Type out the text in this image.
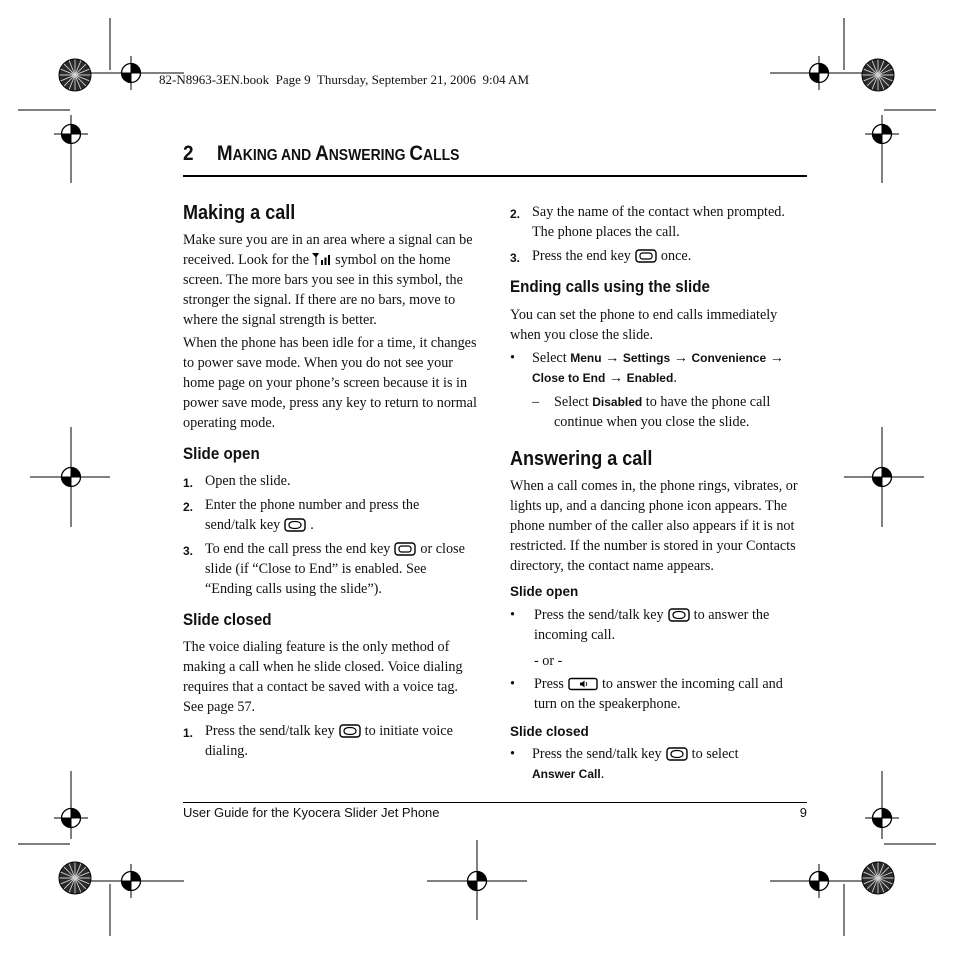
82-N8963-3EN.book  Page 9  Thursday, September 21, 2006  9:04 AM
2 MAKING AND ANSWERING CALLS
Making a call

Make sure you are in an area where a signal can be received. Look for the symbol on the home screen. The more bars you see in this symbol, the stronger the signal. If there are no bars, move to where the signal strength is better.

When the phone has been idle for a time, it changes to power save mode. When you do not see your home page on your phone’s screen because it is in power save mode, press any key to return to normal operating mode.

Slide open
1. Open the slide.
2. Enter the phone number and press the send/talk key .
3. To end the call press the end key or close slide (if “Close to End” is enabled. See “Ending calls using the slide”).
Slide closed

The voice dialing feature is the only method of making a call when he slide closed. Voice dialing requires that a contact be saved with a voice tag. See page 57.

1. Press the send/talk key to initiate voice dialing.
2. Say the name of the contact when prompted. The phone places the call.
3. Press the end key once.
Ending calls using the slide

You can set the phone to end calls immediately when you close the slide.

• Select Menu → Settings → Convenience → Close to End → Enabled.
– Select Disabled to have the phone call continue when you close the slide.
Answering a call

When a call comes in, the phone rings, vibrates, or lights up, and a dancing phone icon appears. The phone number of the caller also appears if it is not restricted. If the number is stored in your Contacts directory, the contact name appears.

Slide open
• Press the send/talk key to answer the incoming call.
- or -
• Press	to answer the incoming call and turn on the speakerphone.
Slide closed
• Press the send/talk key to select Answer Call.
User Guide for the Kyocera Slider Jet Phone	9
